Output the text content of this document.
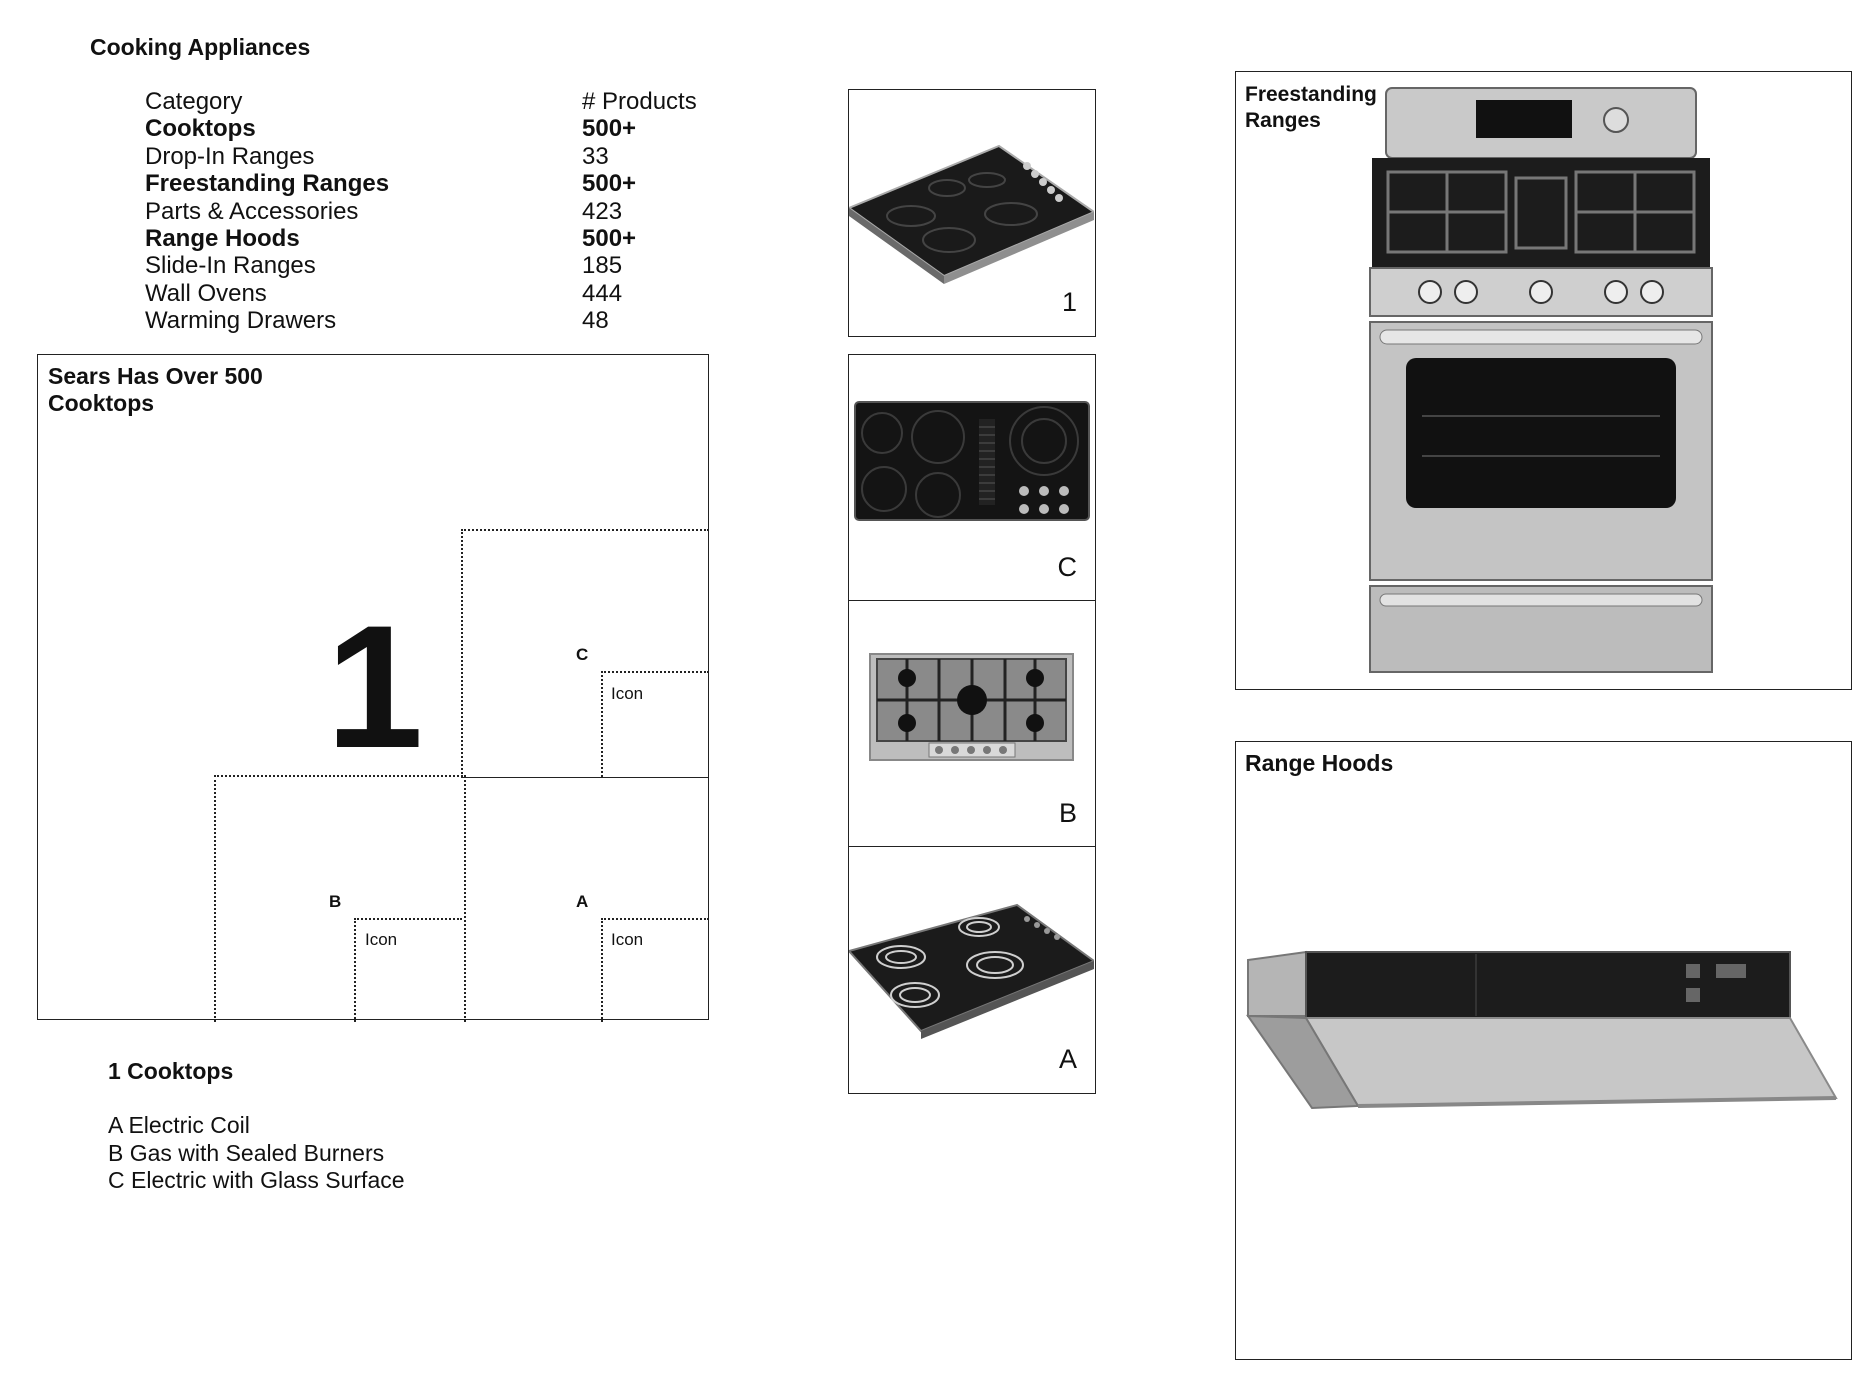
Cooking Appliances
Category	# Products
Cooktops	500+
Drop-In Ranges	33
Freestanding Ranges	500+
Parts & Accessories	423
Range Hoods	500+
Slide-In Ranges	185
Wall Ovens	444
Warming Drawers	48
Sears Has Over 500
Cooktops
1	C
Icon
B
Icon
A
Icon
1 Cooktops
A Electric Coil
B Gas with Sealed Burners
C Electric with Glass Surface
1
C
B
A
Freestanding
Ranges
Range Hoods
